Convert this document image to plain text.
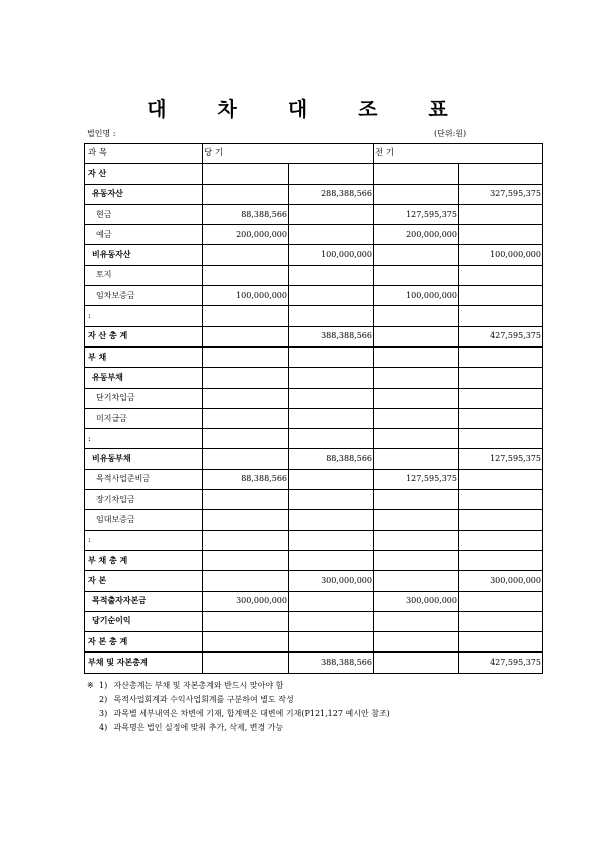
대 차 대 조 표
법인명 :	(단위:원)
과 목	당 기		전 기	
자 산				
유동자산		288,388,566		327,595,375
현금	88,388,566		127,595,375	
예금	200,000,000		200,000,000	
비유동자산		100,000,000		100,000,000
토지				
임차보증금	100,000,000		100,000,000	
:				
자 산 총 계		388,388,566		427,595,375
부 채				
유동부채				
단기차입금				
미지급금				
:				
비유동부채		88,388,566		127,595,375
목적사업준비금	88,388,566		127,595,375	
장기차입금				
임대보증금				
:				
부 채 총 계				
자 본		300,000,000		300,000,000
목적출자자본금	300,000,000		300,000,000	
당기순이익				
자 본 총 계				
부채 및 자본총계		388,388,566		427,595,375
※ 1) 자산총계는 부채 및 자본총계와 반드시 맞아야 함
2) 목적사업회계과 수익사업회계를 구분하여 별도 작성
3) 과목별 세부내역은 차변에 기재, 합계액은 대변에 기재(P121,127 예시안 참조)
4) 과목명은 법인 실정에 맞춰 추가, 삭제, 변경 가능
